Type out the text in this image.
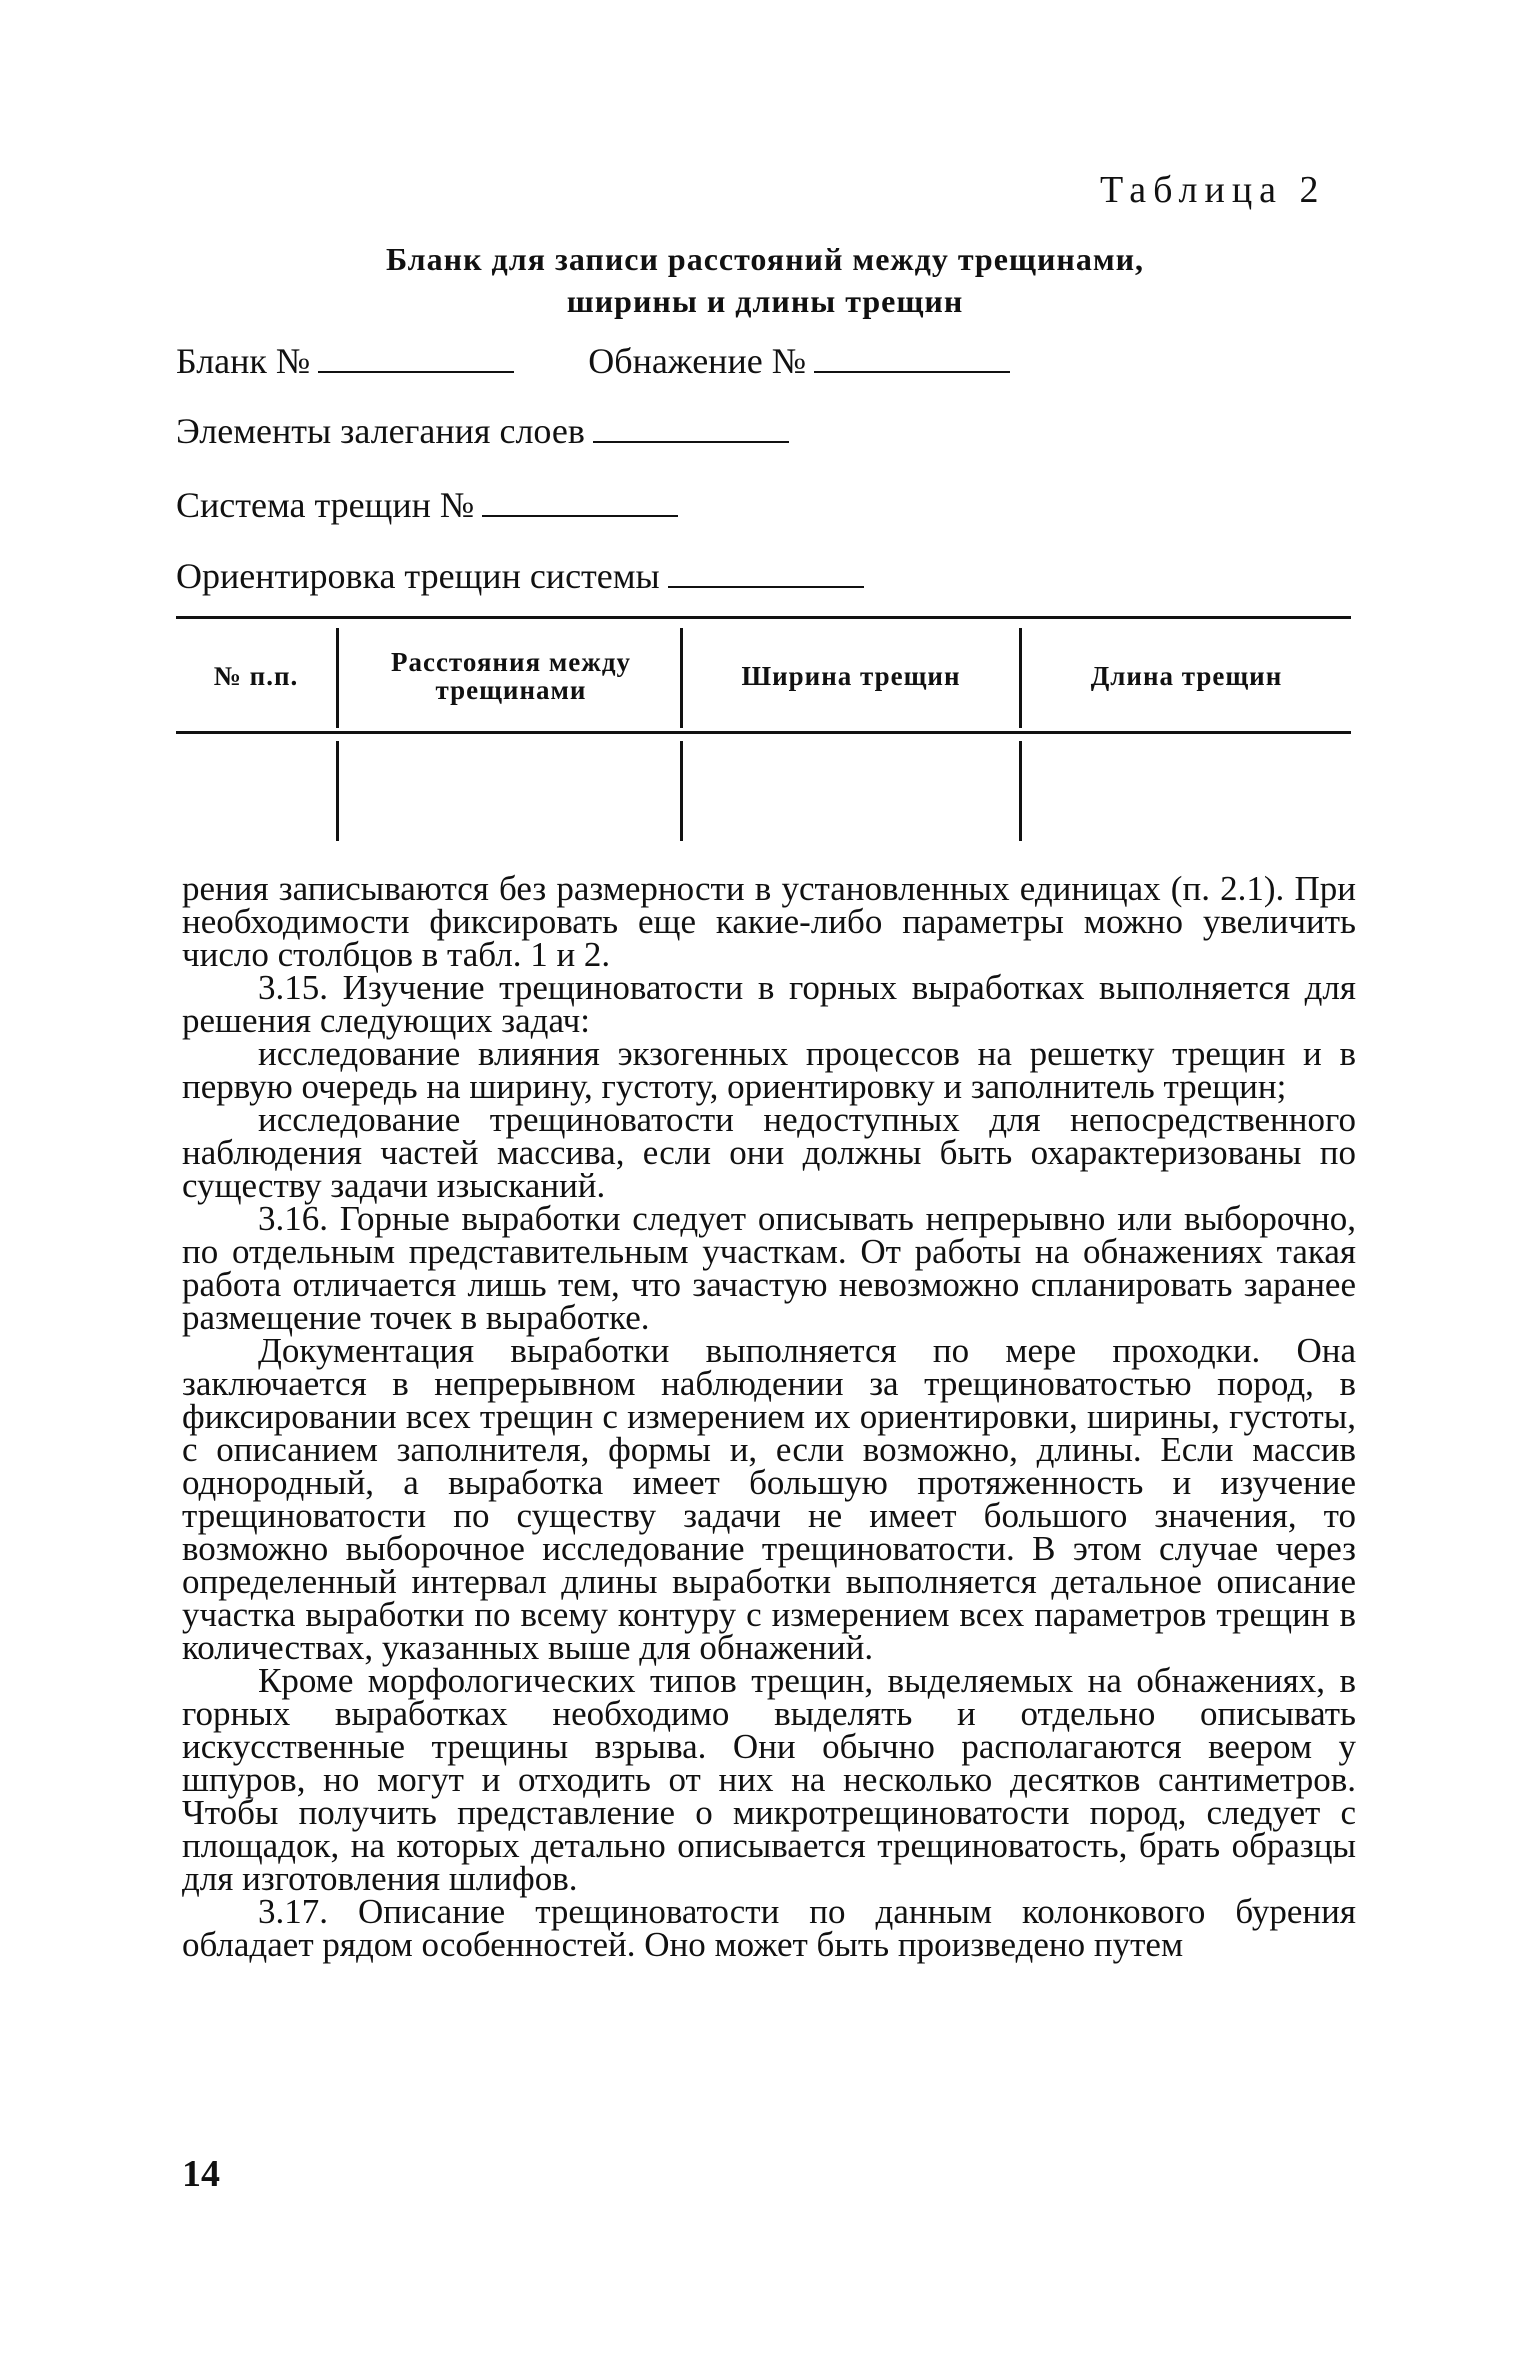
Таблица 2
Бланк для записи расстояний между трещинами,
ширины и длины трещин
Бланк №	Обнажение №
Элементы залегания слоев
Система трещин №
Ориентировка трещин системы
№ п.п.	Расстояния между трещинами	Ширина трещин	Длина трещин

рения записываются без размерности в установленных единицах (п. 2.1). При необходимости фиксировать еще какие-либо параметры можно увеличить число столбцов в табл. 1 и 2.

3.15. Изучение трещиноватости в горных выработках выполняется для решения следующих задач:

исследование влияния экзогенных процессов на решетку трещин и в первую очередь на ширину, густоту, ориентировку и заполнитель трещин;

исследование трещиноватости недоступных для непосредственного наблюдения частей массива, если они должны быть охарактеризованы по существу задачи изысканий.

3.16. Горные выработки следует описывать непрерывно или выборочно, по отдельным представительным участкам. От работы на обнажениях такая работа отличается лишь тем, что зачастую невозможно спланировать заранее размещение точек в выработке.

Документация выработки выполняется по мере проходки. Она заключается в непрерывном наблюдении за трещиноватостью пород, в фиксировании всех трещин с измерением их ориентировки, ширины, густоты, с описанием заполнителя, формы и, если возможно, длины. Если массив однородный, а выработка имеет большую протяженность и изучение трещиноватости по существу задачи не имеет большого значения, то возможно выборочное исследование трещиноватости. В этом случае через определенный интервал длины выработки выполняется детальное описание участка выработки по всему контуру с измерением всех параметров трещин в количествах, указанных выше для обнажений.

Кроме морфологических типов трещин, выделяемых на обнажениях, в горных выработках необходимо выделять и отдельно описывать искусственные трещины взрыва. Они обычно располагаются веером у шпуров, но могут и отходить от них на несколько десятков сантиметров. Чтобы получить представление о микротрещиноватости пород, следует с площадок, на которых детально описывается трещиноватость, брать образцы для изготовления шлифов.

3.17. Описание трещиноватости по данным колонкового бурения обладает рядом особенностей. Оно может быть произведено путем

14
